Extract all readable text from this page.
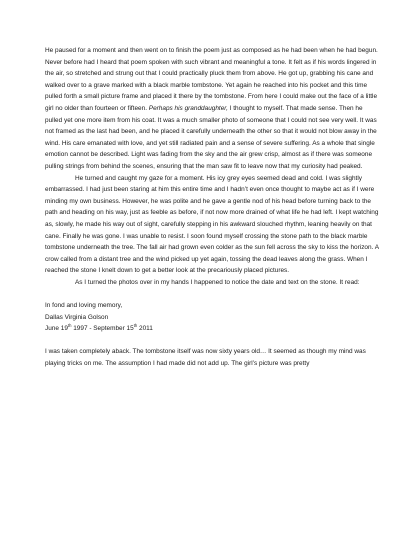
He paused for a moment and then went on to finish the poem just as composed as he had been when he had begun. Never before had I heard that poem spoken with such vibrant and meaningful a tone. It felt as if his words lingered in the air, so stretched and strung out that I could practically pluck them from above. He got up, grabbing his cane and walked over to a grave marked with a black marble tombstone. Yet again he reached into his pocket and this time pulled forth a small picture frame and placed it there by the tombstone. From here I could make out the face of a little girl no older than fourteen or fifteen. Perhaps his granddaughter, I thought to myself. That made sense. Then he pulled yet one more item from his coat. It was a much smaller photo of someone that I could not see very well. It was not framed as the last had been, and he placed it carefully underneath the other so that it would not blow away in the wind. His care emanated with love, and yet still radiated pain and a sense of severe suffering. As a whole that single emotion cannot be described. Light was fading from the sky and the air grew crisp, almost as if there was someone pulling strings from behind the scenes, ensuring that the man saw fit to leave now that my curiosity had peaked.

He turned and caught my gaze for a moment. His icy grey eyes seemed dead and cold. I was slightly embarrassed. I had just been staring at him this entire time and I hadn’t even once thought to maybe act as if I were minding my own business. However, he was polite and he gave a gentle nod of his head before turning back to the path and heading on his way, just as feeble as before, if not now more drained of what life he had left. I kept watching as, slowly, he made his way out of sight, carefully stepping in his awkward slouched rhythm, leaning heavily on that cane. Finally he was gone. I was unable to resist. I soon found myself crossing the stone path to the black marble tombstone underneath the tree. The fall air had grown even colder as the sun fell across the sky to kiss the horizon. A crow called from a distant tree and the wind picked up yet again, tossing the dead leaves along the grass. When I reached the stone I knelt down to get a better look at the precariously placed pictures.

As I turned the photos over in my hands I happened to notice the date and text on the stone. It read:

In fond and loving memory,

Dallas Virginia Golson

June 19th 1997 - September 15th 2011

I was taken completely aback. The tombstone itself was now sixty years old… It seemed as though my mind was playing tricks on me. The assumption I had made did not add up. The girl’s picture was pretty
